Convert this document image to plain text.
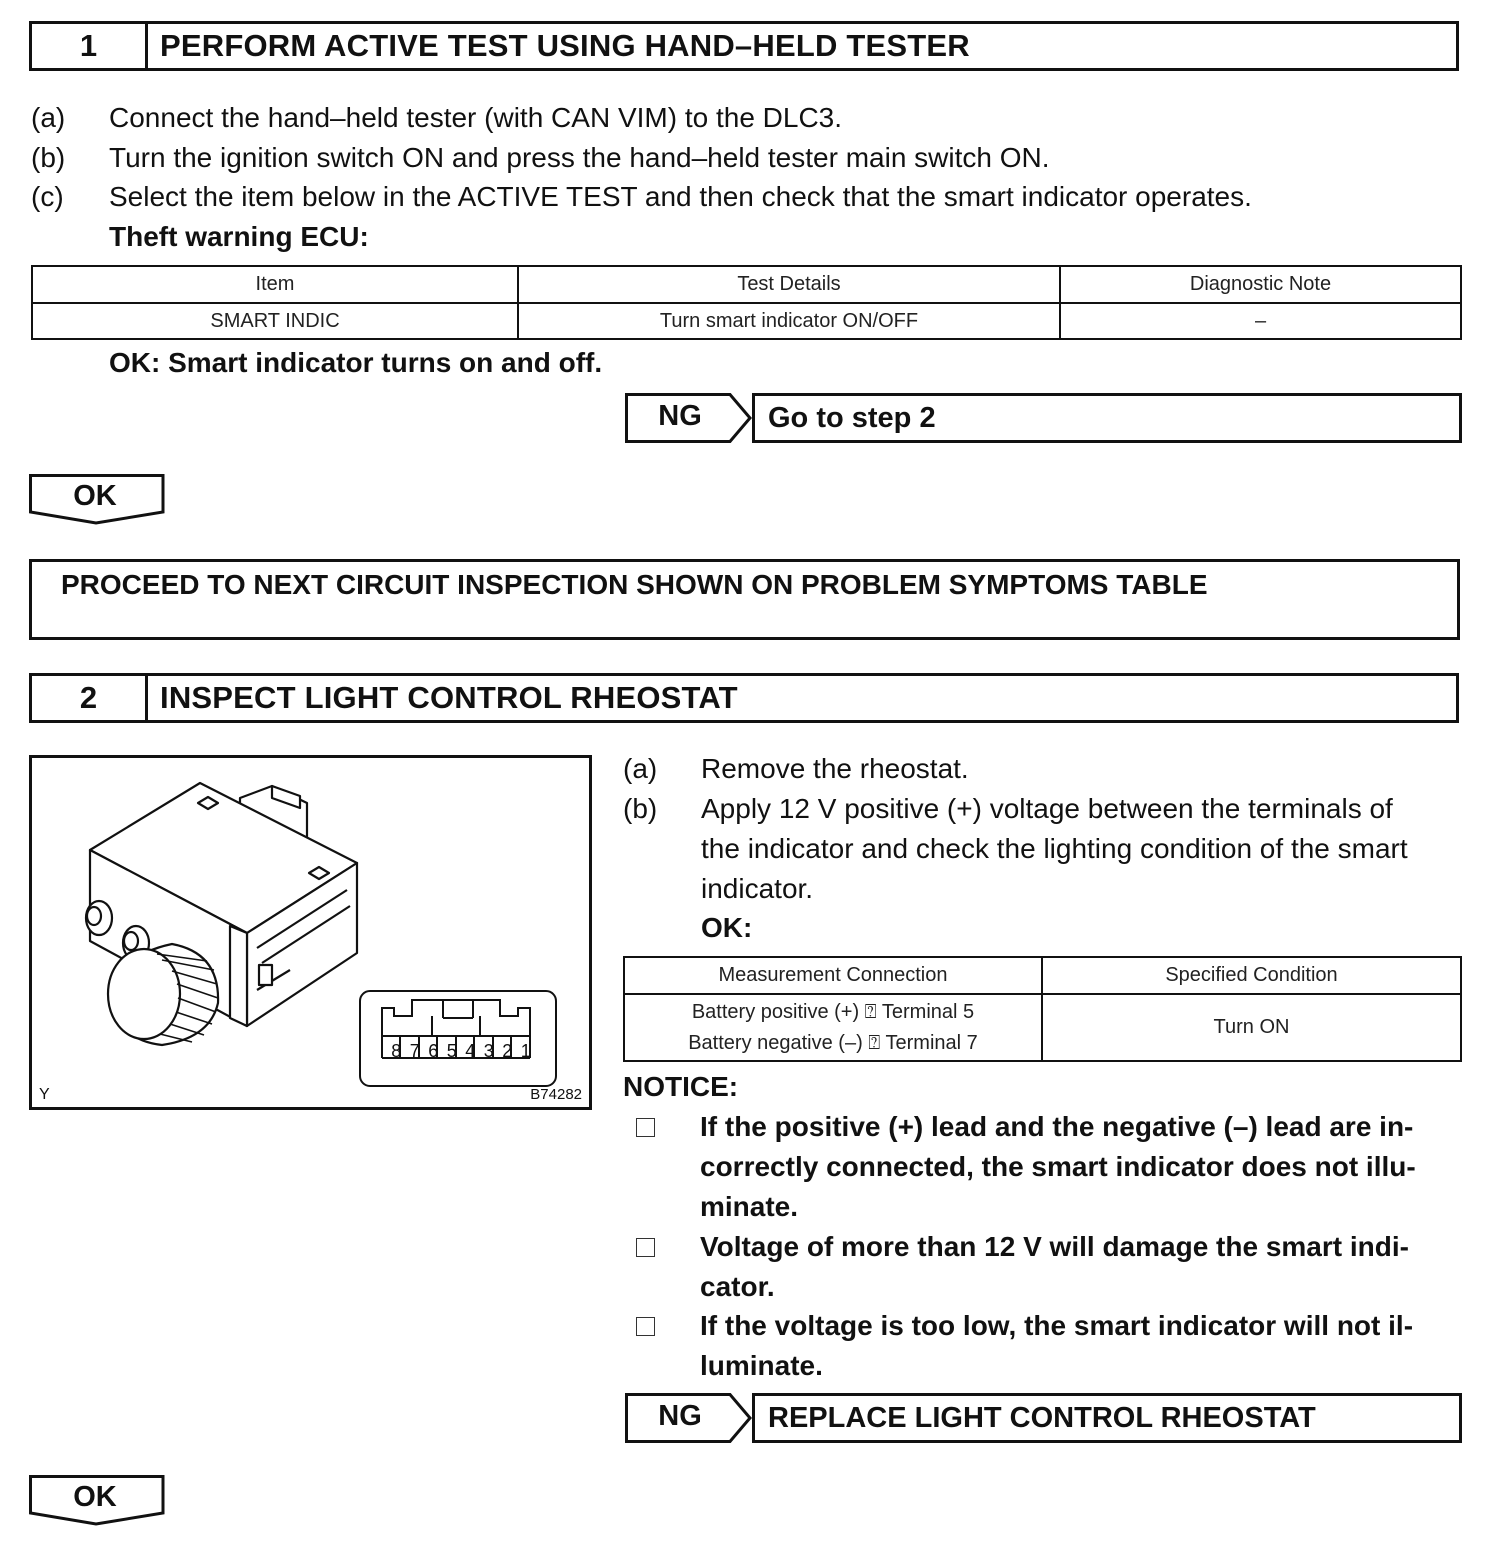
1	PERFORM ACTIVE TEST USING HAND–HELD TESTER
(a) Connect the hand–held tester (with CAN VIM) to the DLC3.
(b) Turn the ignition switch ON and press the hand–held tester main switch ON.
(c) Select the item below in the ACTIVE TEST and then check that the smart indicator operates.
Theft warning ECU:
Item	Test Details	Diagnostic Note
SMART INDIC	Turn smart indicator ON/OFF	–
OK: Smart indicator turns on and off.
NG	Go to step 2
OK
PROCEED TO NEXT CIRCUIT INSPECTION SHOWN ON PROBLEM SYMPTOMS TABLE
2	INSPECT LIGHT CONTROL RHEOSTAT
8 7 6 5 4 3 2 1
Y	B74282
(a) Remove the rheostat.
(b) Apply 12 V positive (+) voltage between the terminals of
the indicator and check the lighting condition of the smart
indicator.
OK:
Measurement Connection	Specified Condition

Battery positive (+) ⍰ Terminal 5
Battery negative (–) ⍰ Terminal 7	Turn ON
NOTICE:
If the positive (+) lead and the negative (–) lead are in-
correctly connected, the smart indicator does not illu-
minate.
Voltage of more than 12 V will damage the smart indi-
cator.
If the voltage is too low, the smart indicator will not il-
luminate.
NG	REPLACE LIGHT CONTROL RHEOSTAT
OK
